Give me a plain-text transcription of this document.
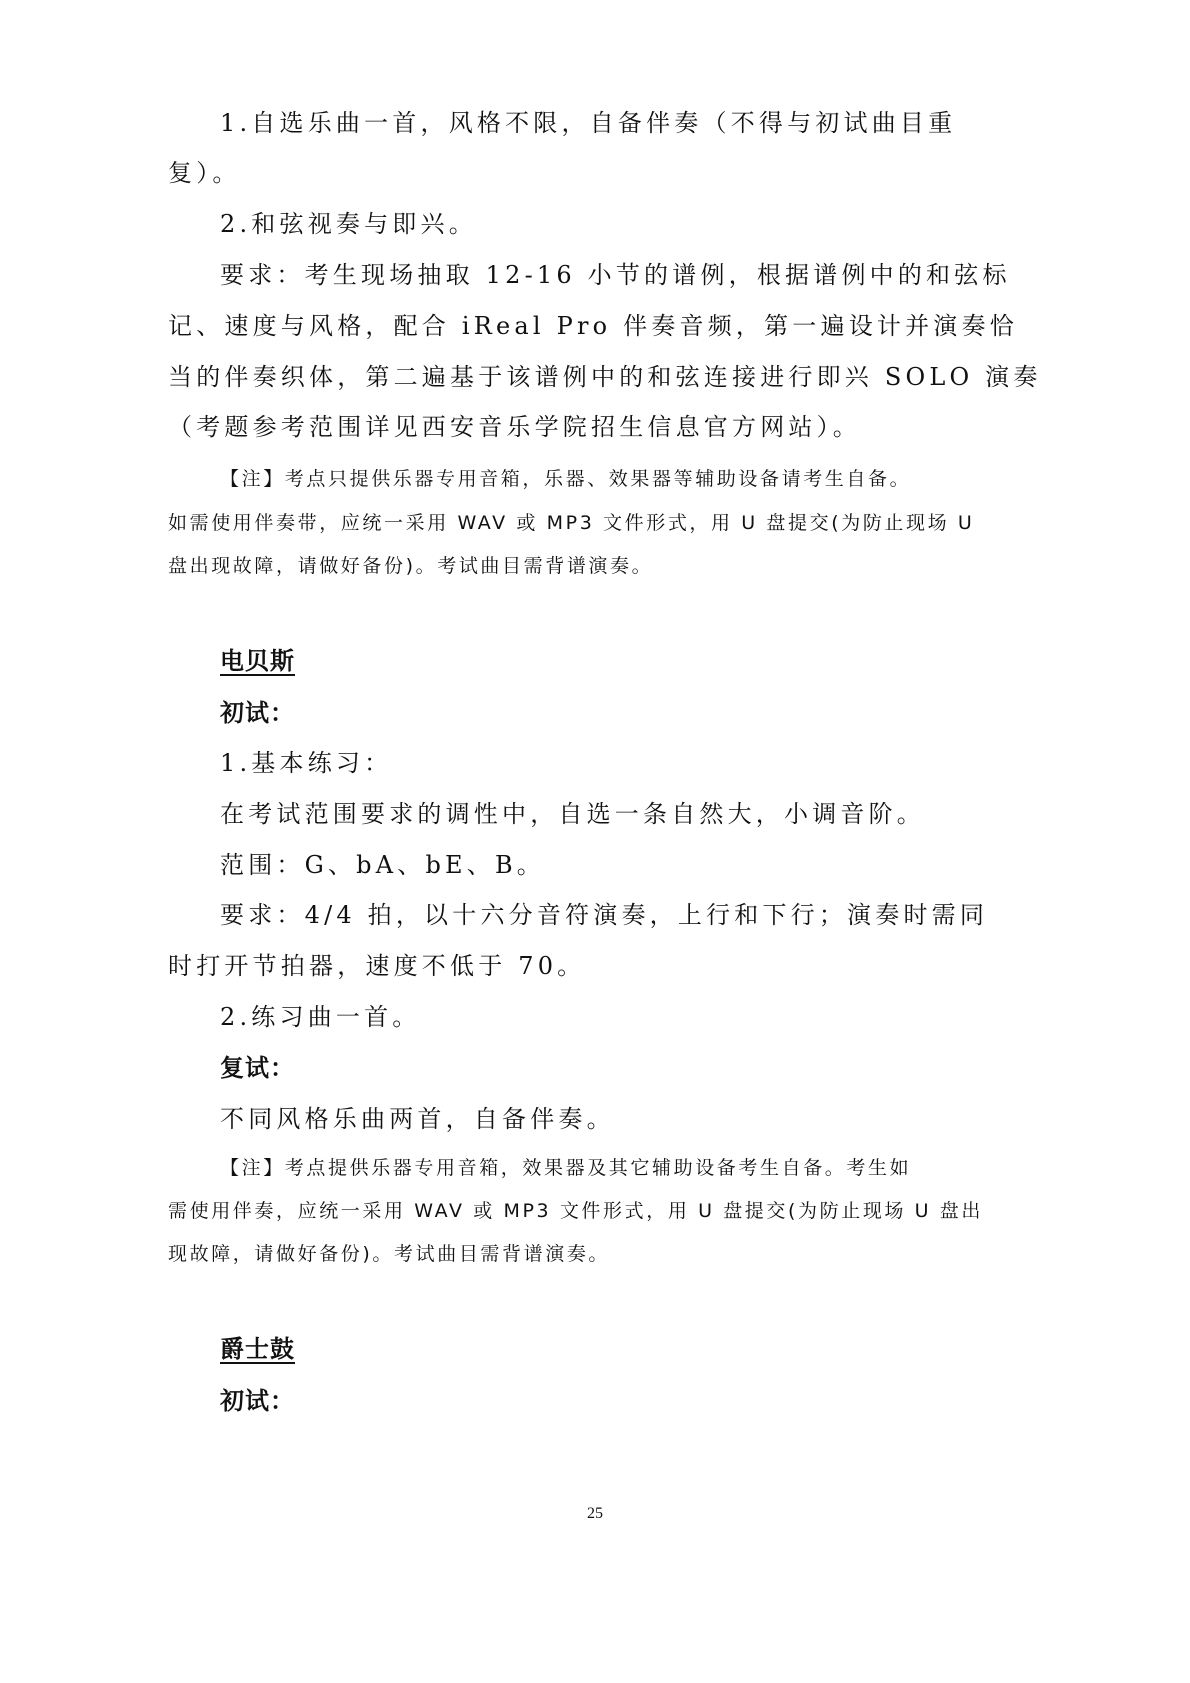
1.自选乐曲一首，风格不限，自备伴奏（不得与初试曲目重
复）。
2.和弦视奏与即兴。
要求：考生现场抽取 12-16 小节的谱例，根据谱例中的和弦标
记、速度与风格，配合 iReal Pro 伴奏音频，第一遍设计并演奏恰
当的伴奏织体，第二遍基于该谱例中的和弦连接进行即兴 SOLO 演奏
（考题参考范围详见西安音乐学院招生信息官方网站）。
【注】考点只提供乐器专用音箱，乐器、效果器等辅助设备请考生自备。
如需使用伴奏带，应统一采用 WAV 或 MP3 文件形式，用 U 盘提交(为防止现场 U
盘出现故障，请做好备份)。考试曲目需背谱演奏。
电贝斯
初试：
1.基本练习：
在考试范围要求的调性中，自选一条自然大，小调音阶。
范围：G、bA、bE、B。
要求：4/4 拍，以十六分音符演奏，上行和下行；演奏时需同
时打开节拍器，速度不低于 70。
2.练习曲一首。
复试：
不同风格乐曲两首，自备伴奏。
【注】考点提供乐器专用音箱，效果器及其它辅助设备考生自备。考生如
需使用伴奏，应统一采用 WAV 或 MP3 文件形式，用 U 盘提交(为防止现场 U 盘出
现故障，请做好备份)。考试曲目需背谱演奏。
爵士鼓
初试：
25
